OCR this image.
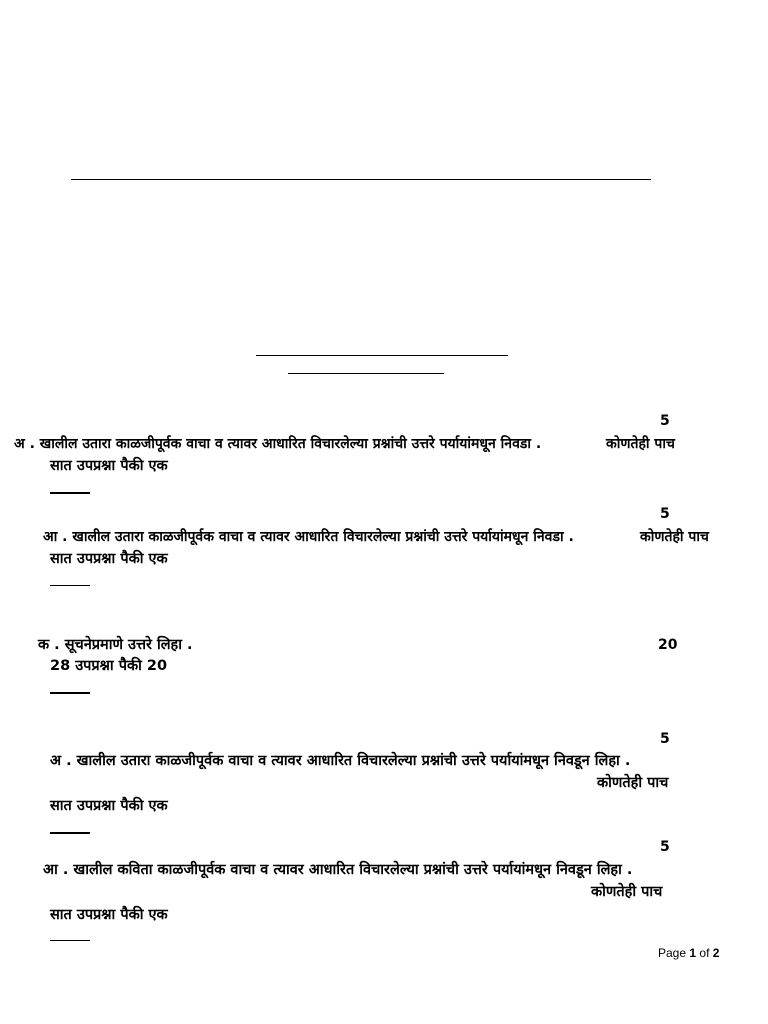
5
अ . खालील उतारा काळजीपूर्वक वाचा व त्यावर आधारित विचारलेल्या प्रश्नांची उत्तरे पर्यायांमधून निवडा .	कोणतेही पाच
सात उपप्रश्ना पैकी एक
5
आ . खालील उतारा काळजीपूर्वक वाचा व त्यावर आधारित विचारलेल्या प्रश्नांची उत्तरे पर्यायांमधून निवडा .	कोणतेही पाच
सात उपप्रश्ना पैकी एक
20
क . सूचनेप्रमाणे उत्तरे लिहा .
28 उपप्रश्ना पैकी 20
5
अ . खालील उतारा काळजीपूर्वक वाचा व त्यावर आधारित विचारलेल्या प्रश्नांची उत्तरे पर्यायांमधून निवडून लिहा .
कोणतेही पाच
सात उपप्रश्ना पैकी एक
5
आ . खालील कविता काळजीपूर्वक वाचा व त्यावर आधारित विचारलेल्या प्रश्नांची उत्तरे पर्यायांमधून निवडून लिहा .
कोणतेही पाच
सात उपप्रश्ना पैकी एक
Page 1 of 2
